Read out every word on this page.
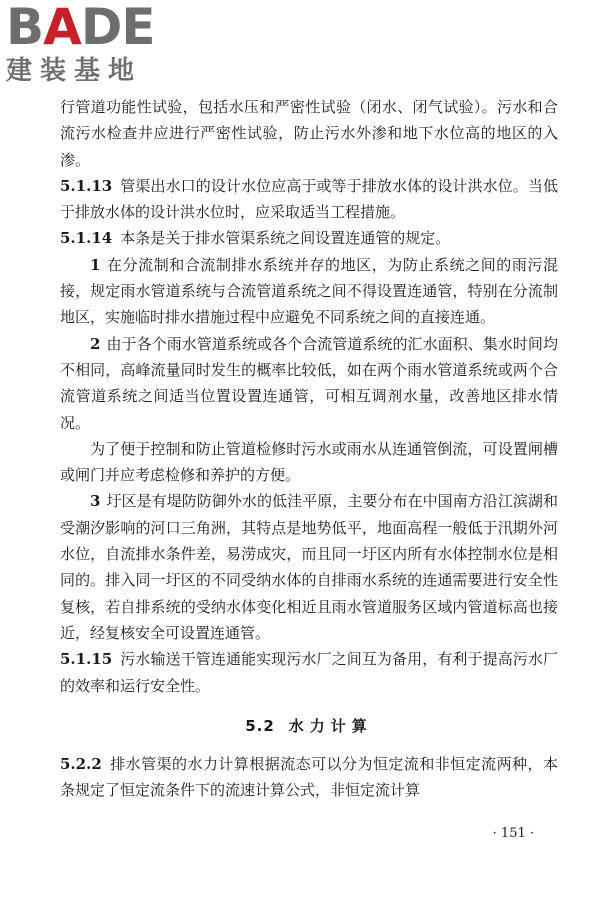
BADE
建装基地

行管道功能性试验，包括水压和严密性试验（闭水、闭气试验）。污水和合流污水检查井应进行严密性试验，防止污水外渗和地下水位高的地区的入渗。

5.1.13 管渠出水口的设计水位应高于或等于排放水体的设计洪水位。当低于排放水体的设计洪水位时，应采取适当工程措施。

5.1.14 本条是关于排水管渠系统之间设置连通管的规定。

1 在分流制和合流制排水系统并存的地区，为防止系统之间的雨污混接，规定雨水管道系统与合流管道系统之间不得设置连通管，特别在分流制地区，实施临时排水措施过程中应避免不同系统之间的直接连通。

2 由于各个雨水管道系统或各个合流管道系统的汇水面积、集水时间均不相同，高峰流量同时发生的概率比较低，如在两个雨水管道系统或两个合流管道系统之间适当位置设置连通管，可相互调剂水量，改善地区排水情况。

为了便于控制和防止管道检修时污水或雨水从连通管倒流，可设置闸槽或闸门并应考虑检修和养护的方便。

3 圩区是有堤防防御外水的低洼平原，主要分布在中国南方沿江滨湖和受潮汐影响的河口三角洲，其特点是地势低平，地面高程一般低于汛期外河水位，自流排水条件差，易涝成灾，而且同一圩区内所有水体控制水位是相同的。排入同一圩区的不同受纳水体的自排雨水系统的连通需要进行安全性复核，若自排系统的受纳水体变化相近且雨水管道服务区域内管道标高也接近，经复核安全可设置连通管。

5.1.15 污水输送干管连通能实现污水厂之间互为备用，有利于提高污水厂的效率和运行安全性。

5.2 水力计算

5.2.2 排水管渠的水力计算根据流态可以分为恒定流和非恒定流两种，本条规定了恒定流条件下的流速计算公式，非恒定流计算

· 151 ·
